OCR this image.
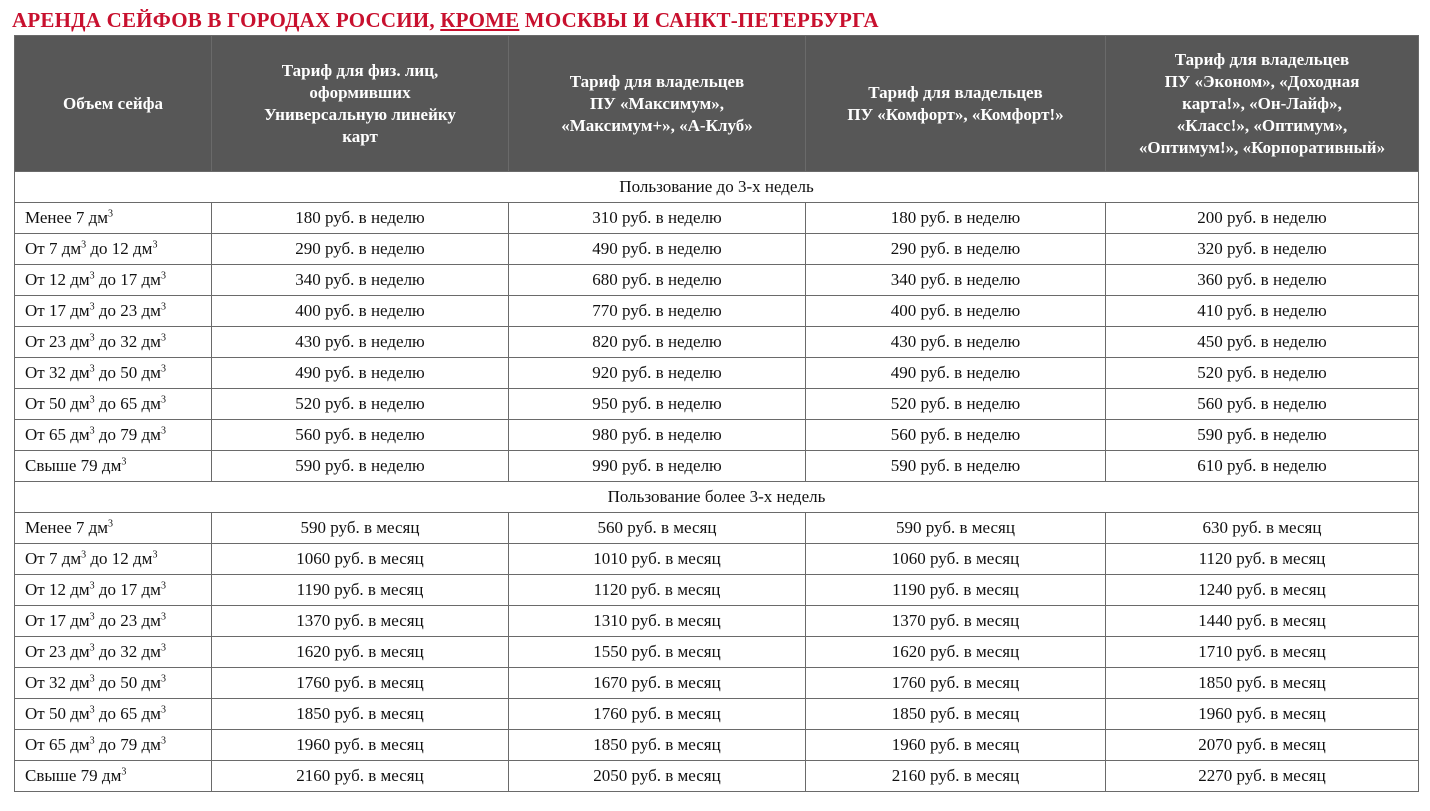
АРЕНДА СЕЙФОВ В ГОРОДАХ РОССИИ, КРОМЕ МОСКВЫ И САНКТ-ПЕТЕРБУРГА
Объем сейфа	Тариф для физ. лиц,
оформивших
Универсальную линейку
карт	Тариф для владельцев
ПУ «Максимум»,
«Максимум+», «А-Клуб»	Тариф для владельцев
ПУ «Комфорт», «Комфорт!»	Тариф для владельцев
ПУ «Эконом», «Доходная
карта!», «Он-Лайф»,
«Класс!», «Оптимум»,
«Оптимум!», «Корпоративный»
Пользование до 3-х недель				
Менее 7 $дм^3$	180 руб. в неделю	310 руб. в неделю	180 руб. в неделю	200 руб. в неделю
От 7 $дм^3$ до 12 $дм^3$	290 руб. в неделю	490 руб. в неделю	290 руб. в неделю	320 руб. в неделю
От 12 $дм^3$ до 17 $дм^3$	340 руб. в неделю	680 руб. в неделю	340 руб. в неделю	360 руб. в неделю
От 17 $дм^3$ до 23 $дм^3$	400 руб. в неделю	770 руб. в неделю	400 руб. в неделю	410 руб. в неделю
От 23 $дм^3$ до 32 $дм^3$	430 руб. в неделю	820 руб. в неделю	430 руб. в неделю	450 руб. в неделю
От 32 $дм^3$ до 50 $дм^3$	490 руб. в неделю	920 руб. в неделю	490 руб. в неделю	520 руб. в неделю
От 50 $дм^3$ до 65 $дм^3$	520 руб. в неделю	950 руб. в неделю	520 руб. в неделю	560 руб. в неделю
От 65 $дм^3$ до 79 $дм^3$	560 руб. в неделю	980 руб. в неделю	560 руб. в неделю	590 руб. в неделю
Свыше 79 $дм^3$	590 руб. в неделю	990 руб. в неделю	590 руб. в неделю	610 руб. в неделю
Пользование более 3-х недель				
Менее 7 $дм^3$	590 руб. в месяц	560 руб. в месяц	590 руб. в месяц	630 руб. в месяц
От 7 $дм^3$ до 12 $дм^3$	1060 руб. в месяц	1010 руб. в месяц	1060 руб. в месяц	1120 руб. в месяц
От 12 $дм^3$ до 17 $дм^3$	1190 руб. в месяц	1120 руб. в месяц	1190 руб. в месяц	1240 руб. в месяц
От 17 $дм^3$ до 23 $дм^3$	1370 руб. в месяц	1310 руб. в месяц	1370 руб. в месяц	1440 руб. в месяц
От 23 $дм^3$ до 32 $дм^3$	1620 руб. в месяц	1550 руб. в месяц	1620 руб. в месяц	1710 руб. в месяц
От 32 $дм^3$ до 50 $дм^3$	1760 руб. в месяц	1670 руб. в месяц	1760 руб. в месяц	1850 руб. в месяц
От 50 $дм^3$ до 65 $дм^3$	1850 руб. в месяц	1760 руб. в месяц	1850 руб. в месяц	1960 руб. в месяц
От 65 $дм^3$ до 79 $дм^3$	1960 руб. в месяц	1850 руб. в месяц	1960 руб. в месяц	2070 руб. в месяц
Свыше 79 $дм^3$	2160 руб. в месяц	2050 руб. в месяц	2160 руб. в месяц	2270 руб. в месяц
